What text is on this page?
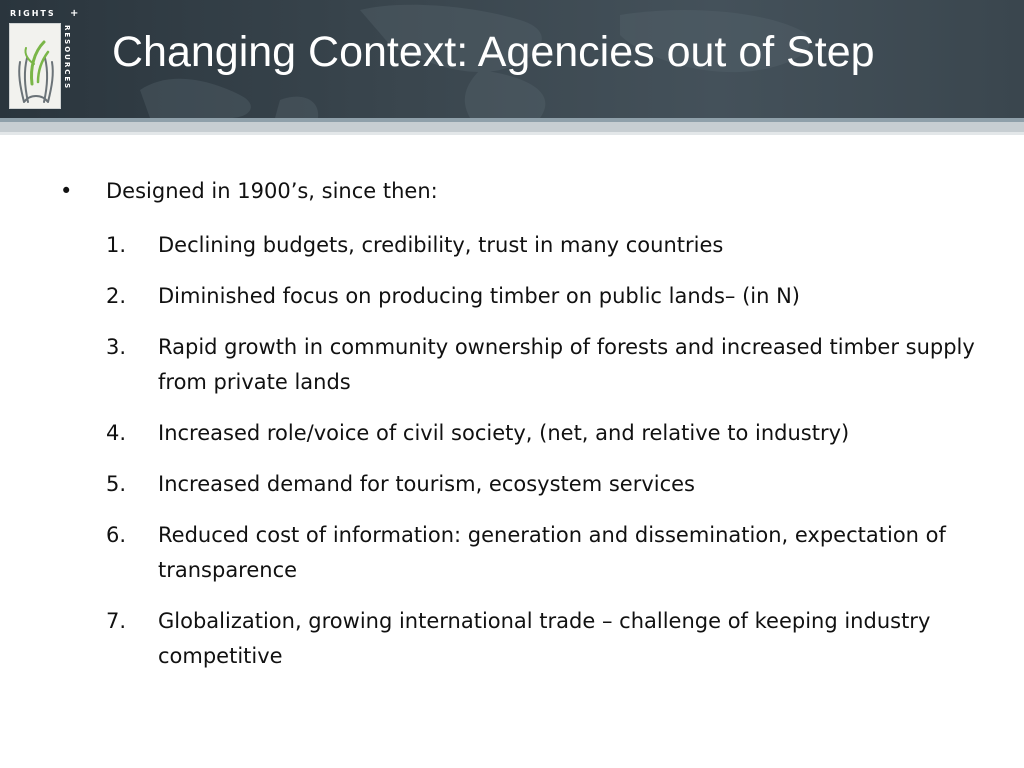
RIGHTS +
RESOURCES Changing Context: Agencies out of Step
• Designed in 1900’s, since then:
1. Declining budgets, credibility, trust in many countries
2. Diminished focus on producing timber on public lands– (in N)
3. Rapid growth in community ownership of forests and increased timber supply from private lands
4. Increased role/voice of civil society, (net, and relative to industry)
5. Increased demand for tourism, ecosystem services
6. Reduced cost of information: generation and dissemination, expectation of transparence
7. Globalization, growing international trade – challenge of keeping industry competitive
